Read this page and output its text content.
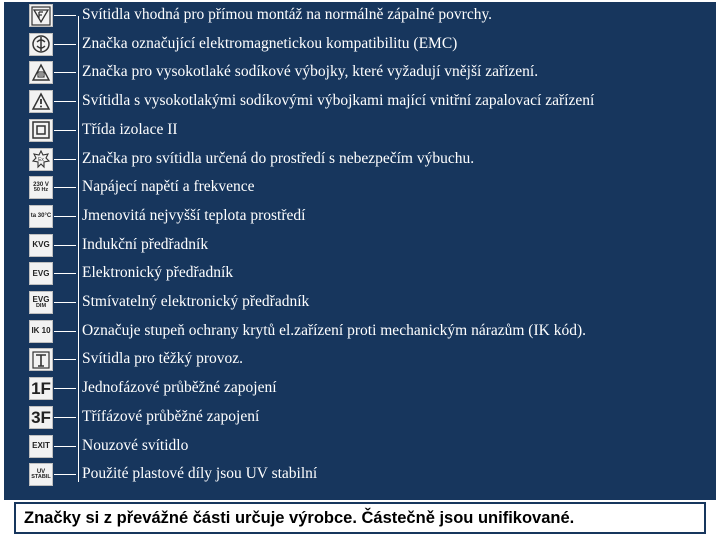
Svítidla vhodná pro přímou montáž na normálně zápalné povrchy.
Značka označující elektromagnetickou kompatibilitu (EMC)
Značka pro vysokotlaké sodíkové výbojky, které vyžadují vnější zařízení.
Svítidla s vysokotlakými sodíkovými výbojkami mající vnitřní zapalovací zařízení
Třída izolace II
Ex Značka pro svítidla určená do prostředí s nebezpečím výbuchu.
230 V
50 Hz Napájecí napětí a frekvence
ta 30°C Jmenovitá nejvyšší teplota prostředí
KVG Indukční předřadník
EVG Elektronický předřadník
EVG
DIM Stmívatelný elektronický předřadník
IK 10 Označuje stupeň ochrany krytů el.zařízení proti mechanickým nárazům (IK kód).
Svítidla pro těžký provoz.
1F Jednofázové průběžné zapojení
3F Třífázové průběžné zapojení
EXIT Nouzové svítidlo
UV
STABIL Použité plastové díly jsou UV stabilní
Značky si z převážné části určuje výrobce. Částečně jsou unifikované.
